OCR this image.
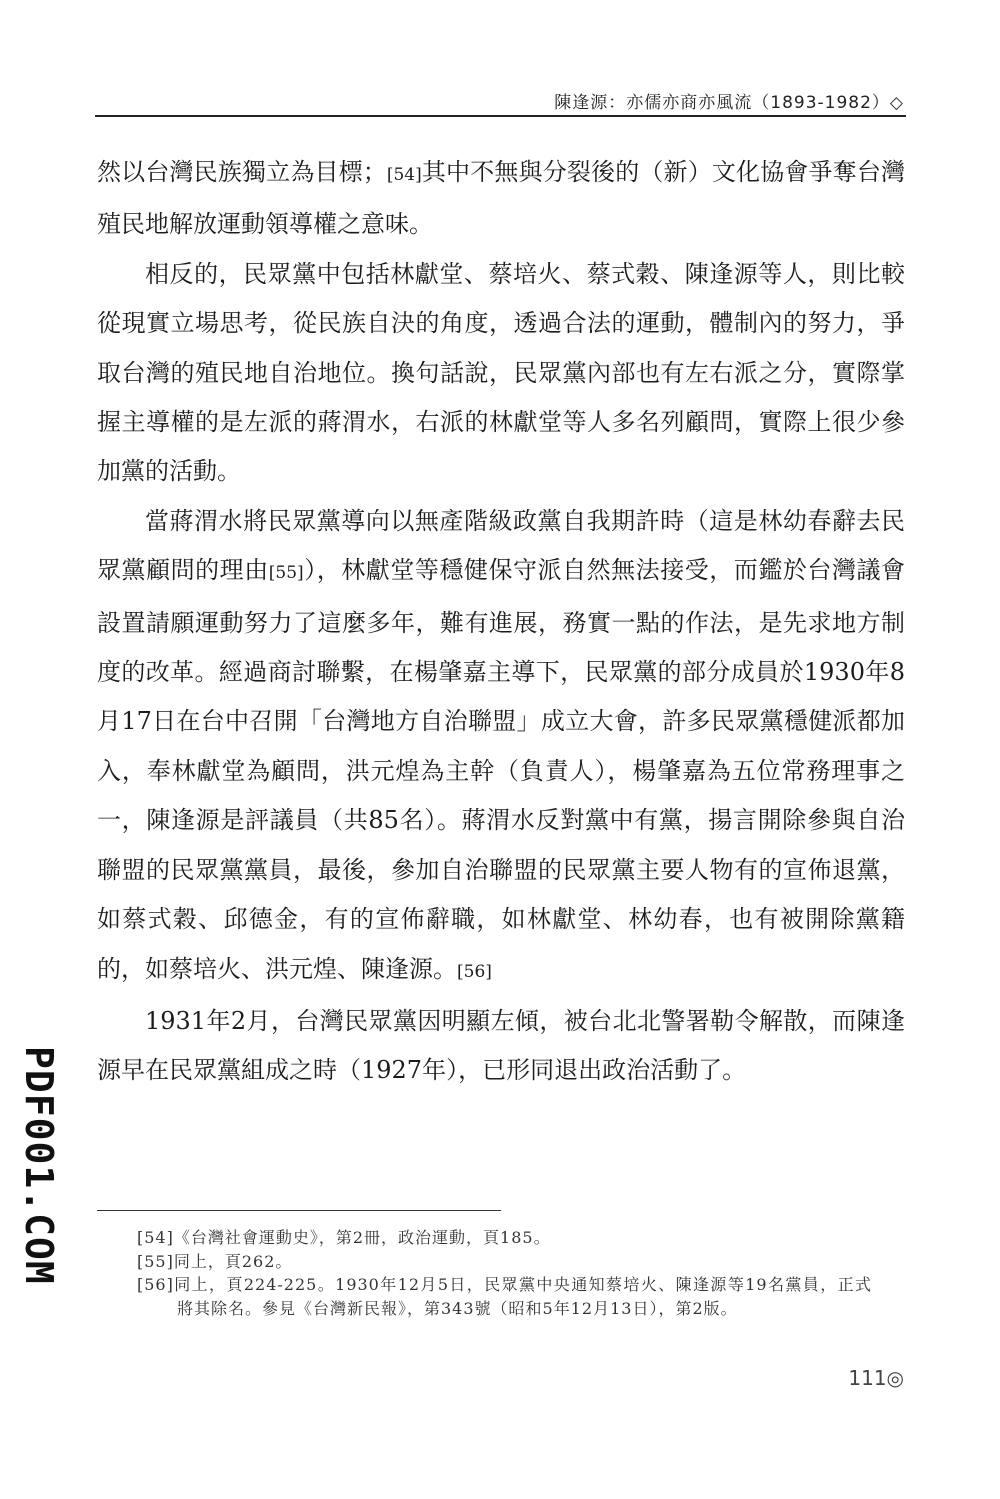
陳逢源：亦儒亦商亦風流（1893-1982）◇

然以台灣民族獨立為目標；[54]其中不無與分裂後的（新）文化協會爭奪台灣殖民地解放運動領導權之意味。

相反的，民眾黨中包括林獻堂、蔡培火、蔡式穀、陳逢源等人，則比較從現實立場思考，從民族自決的角度，透過合法的運動，體制內的努力，爭取台灣的殖民地自治地位。換句話說，民眾黨內部也有左右派之分，實際掌握主導權的是左派的蔣渭水，右派的林獻堂等人多名列顧問，實際上很少參加黨的活動。

當蔣渭水將民眾黨導向以無產階級政黨自我期許時（這是林幼春辭去民眾黨顧問的理由[55]），林獻堂等穩健保守派自然無法接受，而鑑於台灣議會設置請願運動努力了這麼多年，難有進展，務實一點的作法，是先求地方制度的改革。經過商討聯繫，在楊肇嘉主導下，民眾黨的部分成員於1930年8月17日在台中召開「台灣地方自治聯盟」成立大會，許多民眾黨穩健派都加入，奉林獻堂為顧問，洪元煌為主幹（負責人），楊肇嘉為五位常務理事之一，陳逢源是評議員（共85名）。蔣渭水反對黨中有黨，揚言開除參與自治聯盟的民眾黨黨員，最後，參加自治聯盟的民眾黨主要人物有的宣佈退黨，如蔡式穀、邱德金，有的宣佈辭職，如林獻堂、林幼春，也有被開除黨籍的，如蔡培火、洪元煌、陳逢源。[56]

1931年2月，台灣民眾黨因明顯左傾，被台北北警署勒令解散，而陳逢源早在民眾黨組成之時（1927年），已形同退出政治活動了。

[54]《台灣社會運動史》，第2冊，政治運動，頁185。
[55]同上，頁262。
[56]同上，頁224-225。1930年12月5日，民眾黨中央通知蔡培火、陳逢源等19名黨員，正式將其除名。參見《台灣新民報》，第343號（昭和5年12月13日），第2版。
111◎
PDF001.COM
